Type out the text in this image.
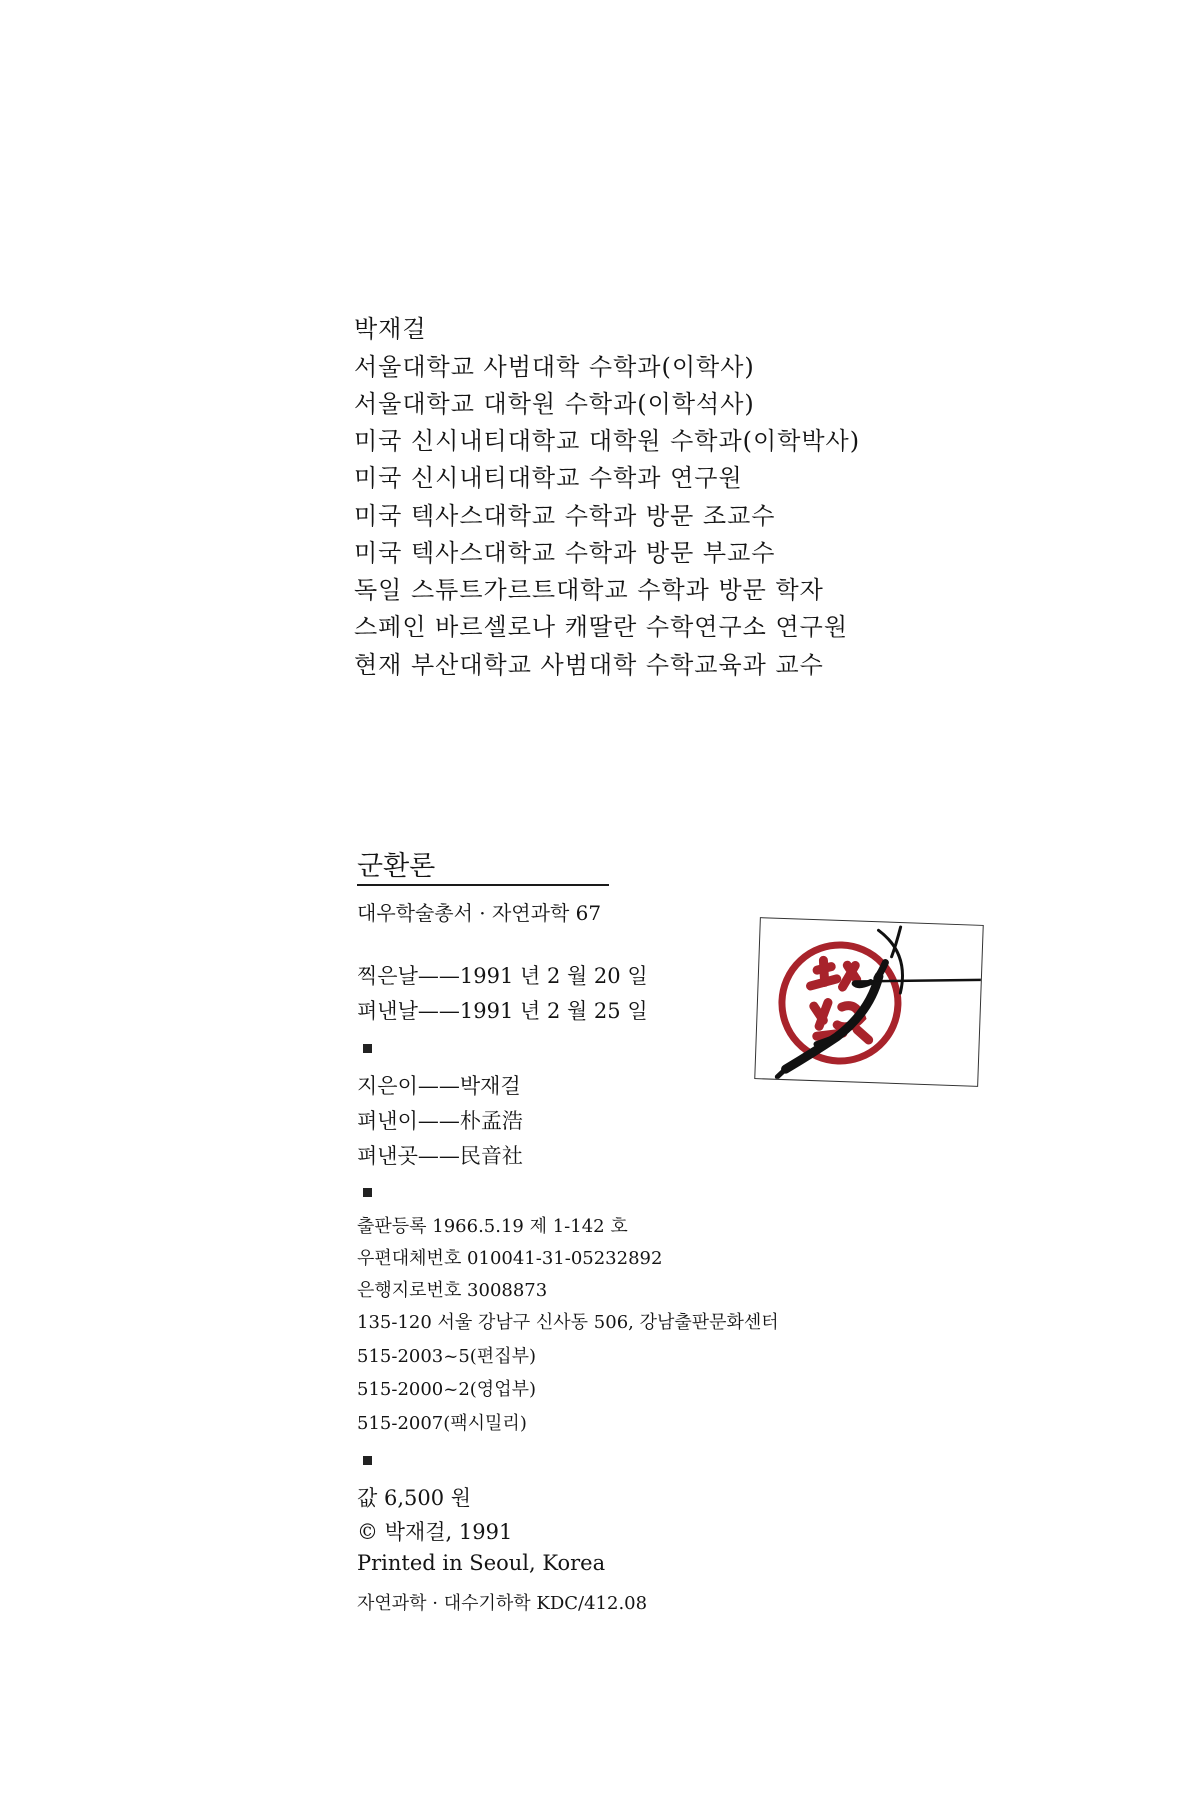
박재걸
서울대학교 사범대학 수학과(이학사)
서울대학교 대학원 수학과(이학석사)
미국 신시내티대학교 대학원 수학과(이학박사)
미국 신시내티대학교 수학과 연구원
미국 텍사스대학교 수학과 방문 조교수
미국 텍사스대학교 수학과 방문 부교수
독일 스튜트가르트대학교 수학과 방문 학자
스페인 바르셀로나 캐딸란 수학연구소 연구원
현재 부산대학교 사범대학 수학교육과 교수
군환론
대우학술총서 · 자연과학 67
찍은날——1991 년 2 월 20 일
펴낸날——1991 년 2 월 25 일
지은이——박재걸
펴낸이——朴孟浩
펴낸곳——民音社
출판등록 1966.5.19 제 1-142 호
우편대체번호 010041-31-05232892
은행지로번호 3008873
135-120 서울 강남구 신사동 506, 강남출판문화센터
515-2003~5(편집부)
515-2000~2(영업부)
515-2007(팩시밀리)
값 6,500 원
© 박재걸, 1991
Printed in Seoul, Korea
자연과학 · 대수기하학 KDC/412.08
